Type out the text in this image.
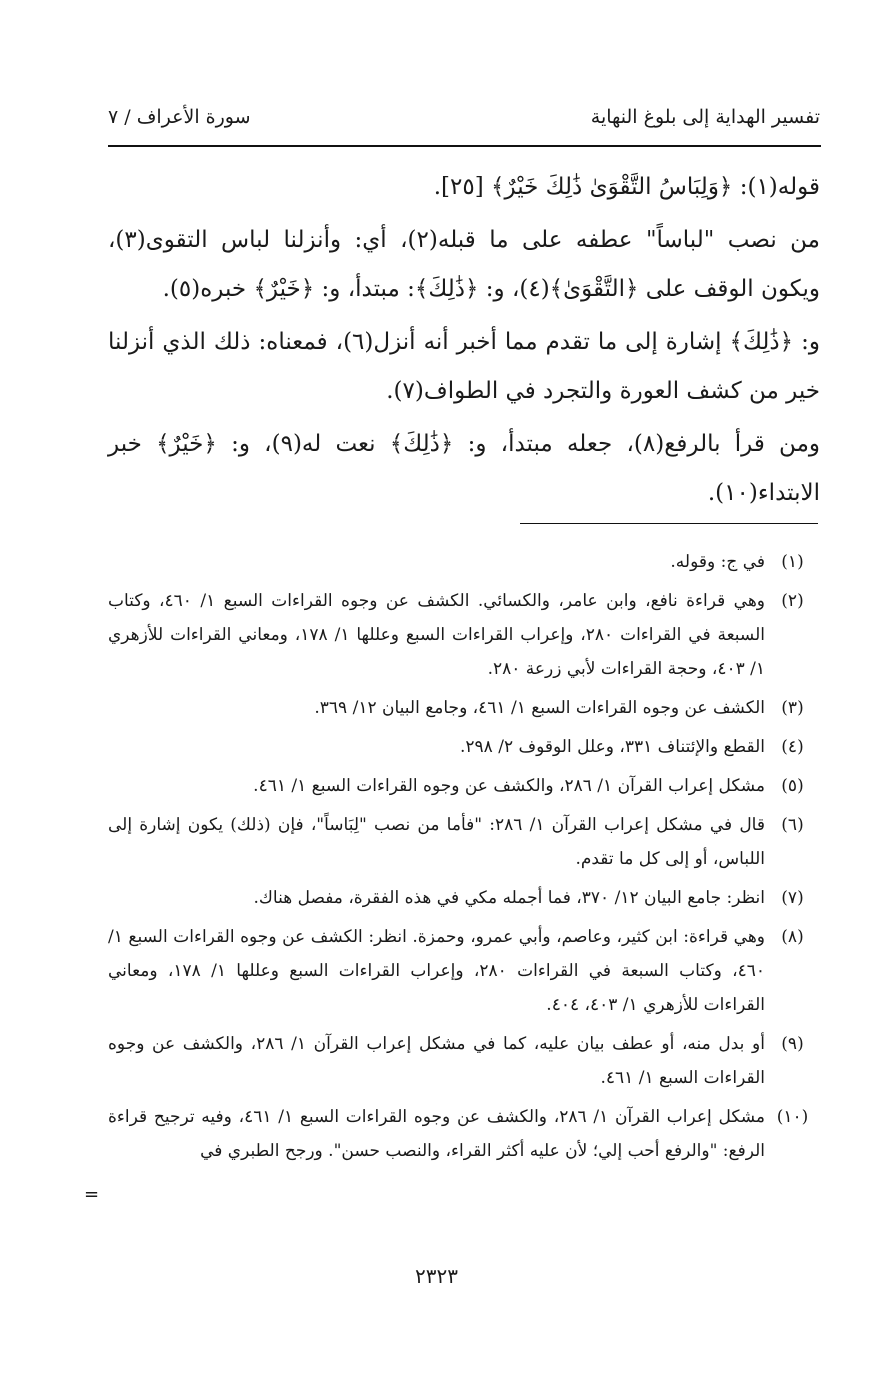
تفسير الهداية إلى بلوغ النهاية
سورة الأعراف / ٧

قوله(١): ﴿وَلِبَاسُ التَّقْوَىٰ ذَٰلِكَ خَيْرٌ﴾ [٢٥].

من نصب "لباساً" عطفه على ما قبله(٢)، أي: وأنزلنا لباس التقوى(٣)، ويكون الوقف على ﴿التَّقْوَىٰ﴾(٤)، و: ﴿ذَٰلِكَ﴾: مبتدأ، و: ﴿خَيْرٌ﴾ خبره(٥).

و: ﴿ذَٰلِكَ﴾ إشارة إلى ما تقدم مما أخبر أنه أنزل(٦)، فمعناه: ذلك الذي أنزلنا خير من كشف العورة والتجرد في الطواف(٧).

ومن قرأ بالرفع(٨)، جعله مبتدأ، و: ﴿ذَٰلِكَ﴾ نعت له(٩)، و: ﴿خَيْرٌ﴾ خبر الابتداء(١٠).

(١)
في ج: وقوله.
(٢)
وهي قراءة نافع، وابن عامر، والكسائي. الكشف عن وجوه القراءات السبع ١/ ٤٦٠، وكتاب السبعة في القراءات ٢٨٠، وإعراب القراءات السبع وعللها ١/ ١٧٨، ومعاني القراءات للأزهري ١/ ٤٠٣، وحجة القراءات لأبي زرعة ٢٨٠.
(٣)
الكشف عن وجوه القراءات السبع ١/ ٤٦١، وجامع البيان ١٢/ ٣٦٩.
(٤)
القطع والإئتناف ٣٣١، وعلل الوقوف ٢/ ٢٩٨.
(٥)
مشكل إعراب القرآن ١/ ٢٨٦، والكشف عن وجوه القراءات السبع ١/ ٤٦١.
(٦)
قال في مشكل إعراب القرآن ١/ ٢٨٦: "فأما من نصب "لِبَاساً"، فإن (ذلك) يكون إشارة إلى اللباس، أو إلى كل ما تقدم.
(٧)
انظر: جامع البيان ١٢/ ٣٧٠، فما أجمله مكي في هذه الفقرة، مفصل هناك.
(٨)
وهي قراءة: ابن كثير، وعاصم، وأبي عمرو، وحمزة. انظر: الكشف عن وجوه القراءات السبع ١/ ٤٦٠، وكتاب السبعة في القراءات ٢٨٠، وإعراب القراءات السبع وعللها ١/ ١٧٨، ومعاني القراءات للأزهري ١/ ٤٠٣، ٤٠٤.
(٩)
أو بدل منه، أو عطف بيان عليه، كما في مشكل إعراب القرآن ١/ ٢٨٦، والكشف عن وجوه القراءات السبع ١/ ٤٦١.
(١٠)
مشكل إعراب القرآن ١/ ٢٨٦، والكشف عن وجوه القراءات السبع ١/ ٤٦١، وفيه ترجيح قراءة الرفع: "والرفع أحب إلي؛ لأن عليه أكثر القراء، والنصب حسن". ورجح الطبري في
=
٢٣٢٣
